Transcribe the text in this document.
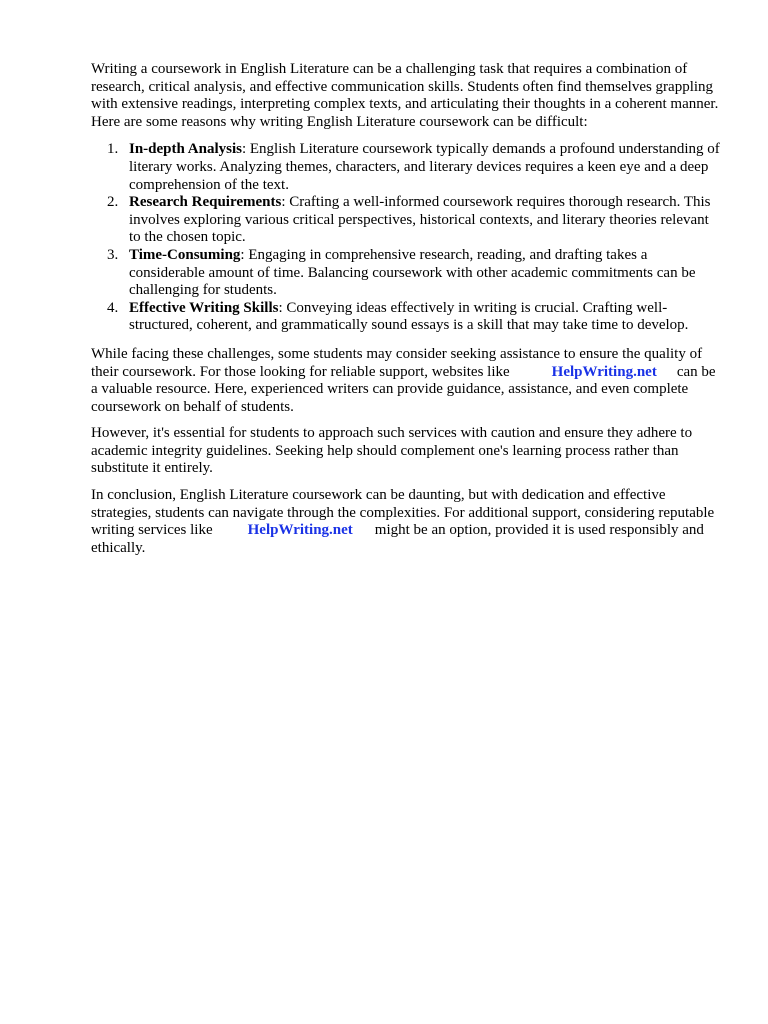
Writing a coursework in English Literature can be a challenging task that requires a combination of research, critical analysis, and effective communication skills. Students often find themselves grappling with extensive readings, interpreting complex texts, and articulating their thoughts in a coherent manner. Here are some reasons why writing English Literature coursework can be difficult:

1. In-depth Analysis: English Literature coursework typically demands a profound understanding of literary works. Analyzing themes, characters, and literary devices requires a keen eye and a deep comprehension of the text.
2. Research Requirements: Crafting a well-informed coursework requires thorough research. This involves exploring various critical perspectives, historical contexts, and literary theories relevant to the chosen topic.
3. Time-Consuming: Engaging in comprehensive research, reading, and drafting takes a considerable amount of time. Balancing coursework with other academic commitments can be challenging for students.
4. Effective Writing Skills: Conveying ideas effectively in writing is crucial. Crafting well-structured, coherent, and grammatically sound essays is a skill that may take time to develop.

While facing these challenges, some students may consider seeking assistance to ensure the quality of their coursework. For those looking for reliable support, websites like	HelpWriting.net can be a valuable resource. Here, experienced writers can provide guidance, assistance, and even complete coursework on behalf of students.

However, it's essential for students to approach such services with caution and ensure they adhere to academic integrity guidelines. Seeking help should complement one's learning process rather than substitute it entirely.

In conclusion, English Literature coursework can be daunting, but with dedication and effective strategies, students can navigate through the complexities. For additional support, considering reputable writing services like HelpWriting.net might be an option, provided it is used responsibly and ethically.
